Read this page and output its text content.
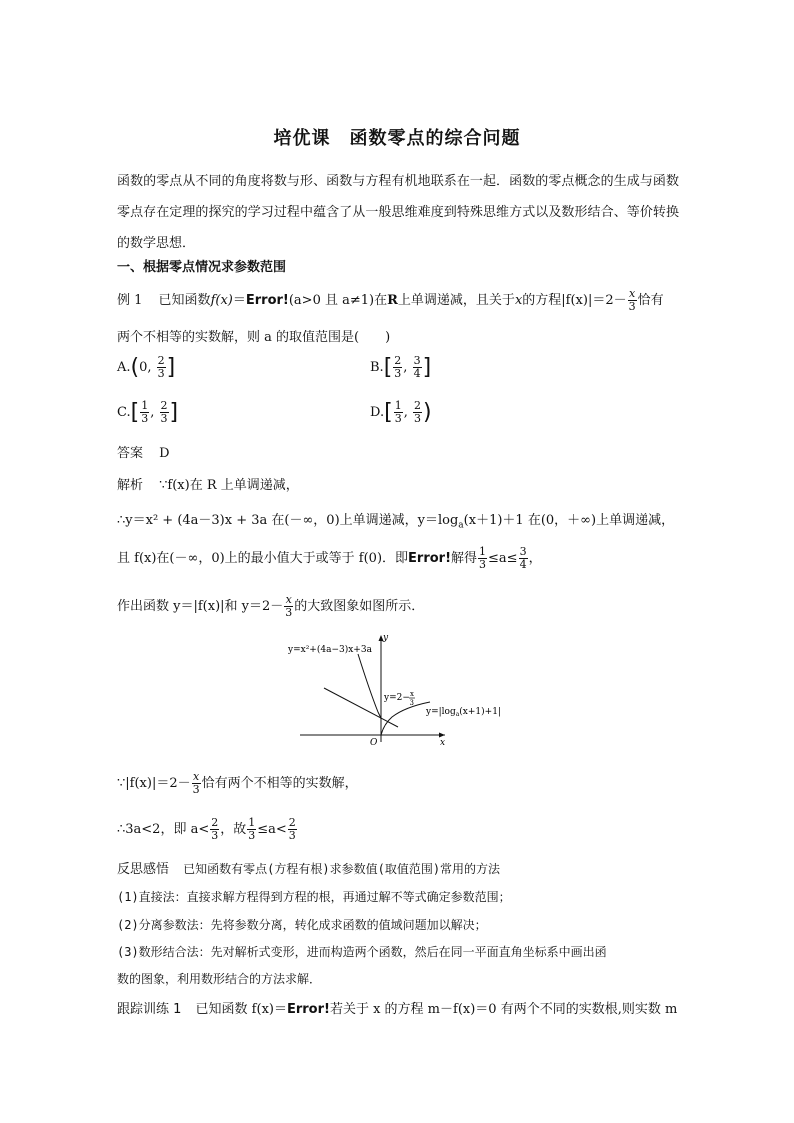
培优课　函数零点的综合问题
函数的零点从不同的角度将数与形、函数与方程有机地联系在一起．函数的零点概念的生成与函数零点存在定理的探究的学习过程中蕴含了从一般思维难度到特殊思维方式以及数形结合、等价转换的数学思想．
一、根据零点情况求参数范围
例 1 已知函数f(x)＝Error!(a>0 且 a≠1)在R上单调递减，且关于x的方程$|f(x)|=2- \frac{x}{3}$ 恰有
两个不相等的实数解，则 a 的取值范围是(　　)
A.(0, $\frac{2}{3}$ ]	$B.[ \frac{2}{3}$ , $\frac{3}{4}$ ]
$C.[ \frac{1}{3}$ , $\frac{2}{3}$ ]	$D.[ \frac{1}{3}$ , $\frac{2}{3}$ )
答案 D
解析 ∵f(x)在 R 上单调递减，
∴y＝x² + (4a－3)x + 3a 在(－∞，0)上单调递减，$y=\log_a(x+1)+1$ 在(0，＋∞)上单调递减，
且 f(x)在(－∞，0)上的最小值大于或等于 f(0)．即Error!解得 $\frac{1}{3} \le a\le \frac{3}{4}$ ，
作出函数 y＝|f(x)|和 $y=2- \frac{x}{3}$ 的大致图象如图所示．
y=x²+(4a−3)x+3a
y=2− x
3
$y=|\log_a(x+1)+1|$
y
x
O
∵|f(x)|＝2－ $\frac{x}{3}$ 恰有两个不相等的实数解，
∴3a<2，即 $a< \frac{2}{3}$ ，故 $\frac{1}{3} \le a< \frac{2}{3}$
反思感悟 已知函数有零点(方程有根)求参数值(取值范围)常用的方法
(1)直接法：直接求解方程得到方程的根，再通过解不等式确定参数范围；
(2)分离参数法：先将参数分离，转化成求函数的值域问题加以解决；
(3)数形结合法：先对解析式变形，进而构造两个函数，然后在同一平面直角坐标系中画出函
数的图象，利用数形结合的方法求解．
跟踪训练 1 已知函数 f(x)＝Error!若关于 x 的方程 m－f(x)＝0 有两个不同的实数根,则实数 m
